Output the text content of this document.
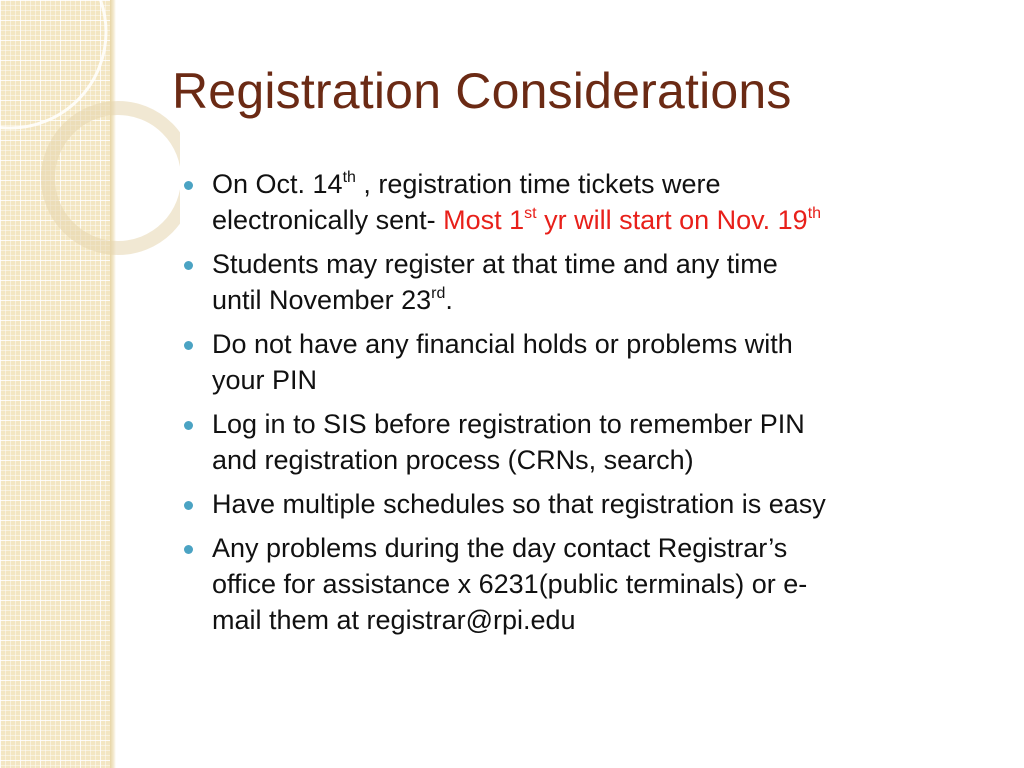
Registration Considerations
On Oct. 14th , registration time tickets were
electronically sent- Most 1st yr will start on Nov. 19th
Students may register at that time and any time
until November 23rd.
Do not have any financial holds or problems with
your PIN
Log in to SIS before registration to remember PIN
and registration process (CRNs, search)
Have multiple schedules so that registration is easy
Any problems during the day contact Registrar’s
office for assistance x 6231(public terminals) or e-
mail them at registrar@rpi.edu
